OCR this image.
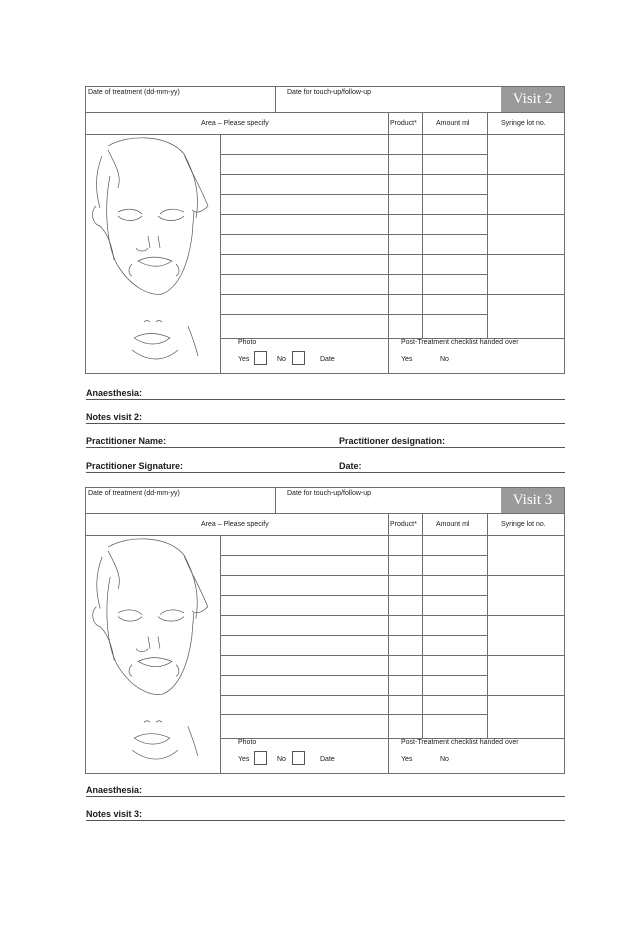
Date of treatment (dd-mm-yy)	Date for touch-up/follow-up	Visit 2
Area – Please specify	Product*	Amount ml	Syringe lot no.
Photo
Yes	No	Date
Post-Treatment checklist handed over
Yes	No
Anaesthesia:
Notes visit 2:
Practitioner Name:	Practitioner designation:
Practitioner Signature:	Date:
Date of treatment (dd-mm-yy)	Date for touch-up/follow-up	Visit 3
Area – Please specify	Product*	Amount ml	Syringe lot no.
Photo
Yes	No	Date
Post-Treatment checklist handed over
Yes	No
Anaesthesia:
Notes visit 3:
